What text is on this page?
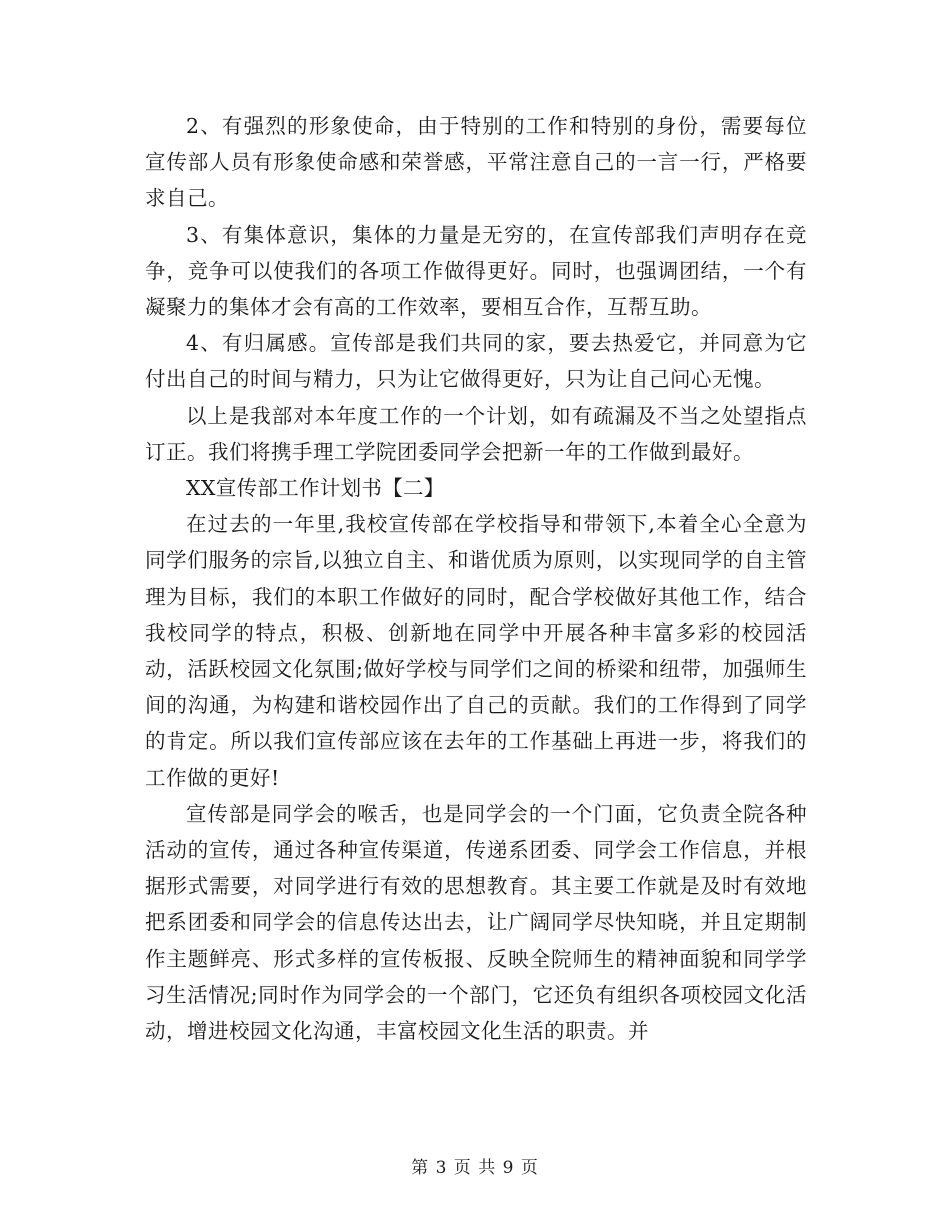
2、有强烈的形象使命，由于特别的工作和特别的身份，需要每位宣传部人员有形象使命感和荣誉感，平常注意自己的一言一行，严格要求自己。

3、有集体意识，集体的力量是无穷的，在宣传部我们声明存在竞争，竞争可以使我们的各项工作做得更好。同时，也强调团结，一个有凝聚力的集体才会有高的工作效率，要相互合作，互帮互助。

4、有归属感。宣传部是我们共同的家，要去热爱它，并同意为它付出自己的时间与精力，只为让它做得更好，只为让自己问心无愧。

以上是我部对本年度工作的一个计划，如有疏漏及不当之处望指点订正。我们将携手理工学院团委同学会把新一年的工作做到最好。

XX宣传部工作计划书【二】

在过去的一年里,我校宣传部在学校指导和带领下,本着全心全意为同学们服务的宗旨,以独立自主、和谐优质为原则，以实现同学的自主管理为目标，我们的本职工作做好的同时，配合学校做好其他工作，结合我校同学的特点，积极、创新地在同学中开展各种丰富多彩的校园活动，活跃校园文化氛围;做好学校与同学们之间的桥梁和纽带，加强师生间的沟通，为构建和谐校园作出了自己的贡献。我们的工作得到了同学的肯定。所以我们宣传部应该在去年的工作基础上再进一步，将我们的工作做的更好!

宣传部是同学会的喉舌，也是同学会的一个门面，它负责全院各种活动的宣传，通过各种宣传渠道，传递系团委、同学会工作信息，并根据形式需要，对同学进行有效的思想教育。其主要工作就是及时有效地把系团委和同学会的信息传达出去，让广阔同学尽快知晓，并且定期制作主题鲜亮、形式多样的宣传板报、反映全院师生的精神面貌和同学学习生活情况;同时作为同学会的一个部门，它还负有组织各项校园文化活动，增进校园文化沟通，丰富校园文化生活的职责。并

第 3 页 共 9 页
